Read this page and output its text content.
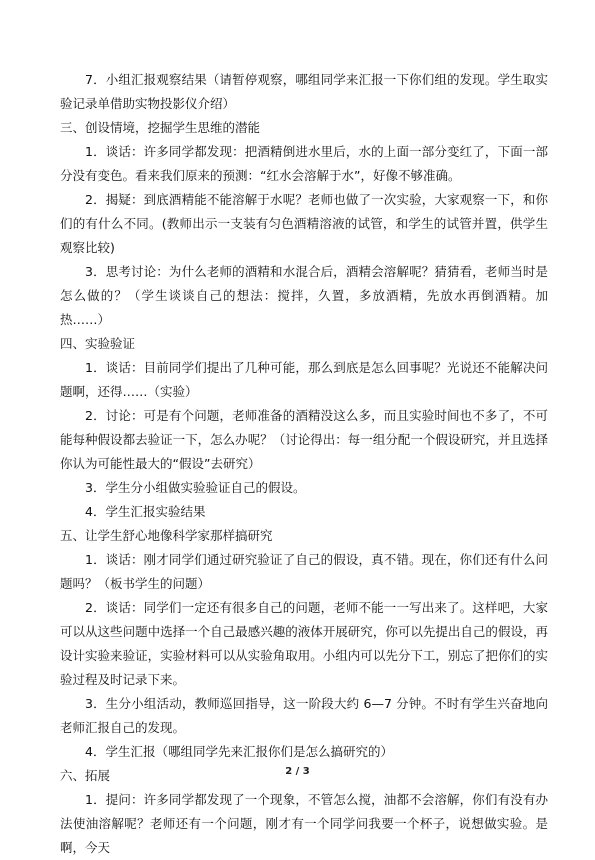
7．小组汇报观察结果（请暂停观察，哪组同学来汇报一下你们组的发现。学生取实验记录单借助实物投影仪介绍）

三、创设情境，挖掘学生思维的潜能

1．谈话：许多同学都发现：把酒精倒进水里后，水的上面一部分变红了，下面一部分没有变色。看来我们原来的预测：“红水会溶解于水”，好像不够准确。

2．揭疑：到底酒精能不能溶解于水呢？老师也做了一次实验，大家观察一下，和你们的有什么不同。(教师出示一支装有匀色酒精溶液的试管，和学生的试管并置，供学生观察比较)

3．思考讨论：为什么老师的酒精和水混合后，酒精会溶解呢？猜猜看，老师当时是怎么做的？（学生谈谈自己的想法：搅拌，久置，多放酒精，先放水再倒酒精。加热……）

四、实验验证

1．谈话：目前同学们提出了几种可能，那么到底是怎么回事呢？光说还不能解决问题啊，还得……（实验）

2．讨论：可是有个问题，老师准备的酒精没这么多，而且实验时间也不多了，不可能每种假设都去验证一下，怎么办呢？（讨论得出：每一组分配一个假设研究，并且选择你认为可能性最大的“假设”去研究）

3．学生分小组做实验验证自己的假设。

4．学生汇报实验结果

五、让学生舒心地像科学家那样搞研究

1．谈话：刚才同学们通过研究验证了自己的假设，真不错。现在，你们还有什么问题吗？（板书学生的问题）

2．谈话：同学们一定还有很多自己的问题，老师不能一一写出来了。这样吧，大家可以从这些问题中选择一个自己最感兴趣的液体开展研究，你可以先提出自己的假设，再设计实验来验证，实验材料可以从实验角取用。小组内可以先分下工，别忘了把你们的实验过程及时记录下来。

3．生分小组活动，教师巡回指导，这一阶段大约 6—7 分钟。不时有学生兴奋地向老师汇报自己的发现。

4．学生汇报（哪组同学先来汇报你们是怎么搞研究的）

六、拓展

1．提问：许多同学都发现了一个现象，不管怎么搅，油都不会溶解，你们有没有办法使油溶解呢？老师还有一个问题，刚才有一个同学问我要一个杯子，说想做实验。是啊，今天

2 / 3
